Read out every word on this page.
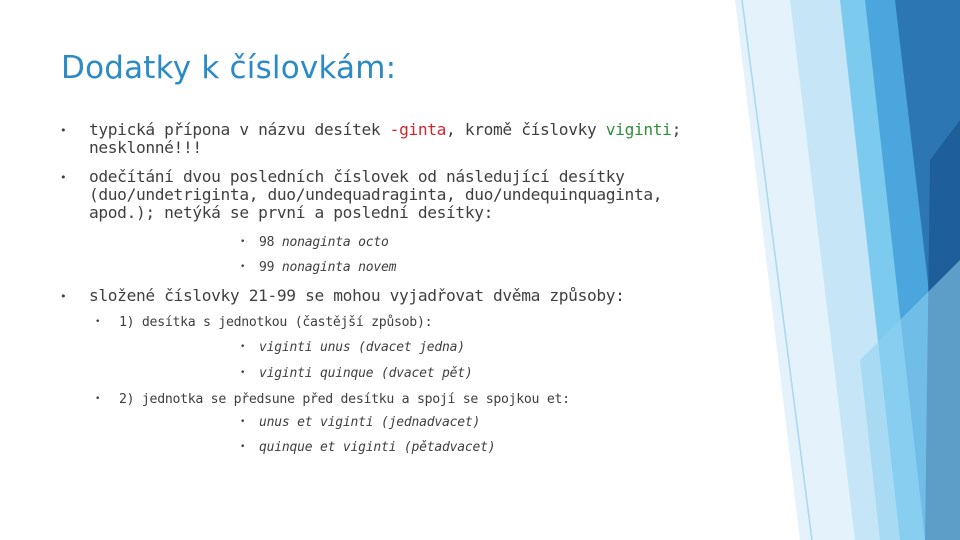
Dodatky k číslovkám:
• typická přípona v názvu desítek -ginta, kromě číslovky viginti; nesklonné!!!
• odečítání dvou posledních číslovek od následující desítky (duo/undetriginta, duo/undequadraginta, duo/undequinquaginta, apod.); netýká se první a poslední desítky:
• 98 nonaginta octo
• 99 nonaginta novem
• složené číslovky 21-99 se mohou vyjadřovat dvěma způsoby:
• 1) desítka s jednotkou (častější způsob):
• viginti unus (dvacet jedna)
• viginti quinque (dvacet pět)
• 2) jednotka se předsune před desítku a spojí se spojkou et:
• unus et viginti (jednadvacet)
• quinque et viginti (pětadvacet)
